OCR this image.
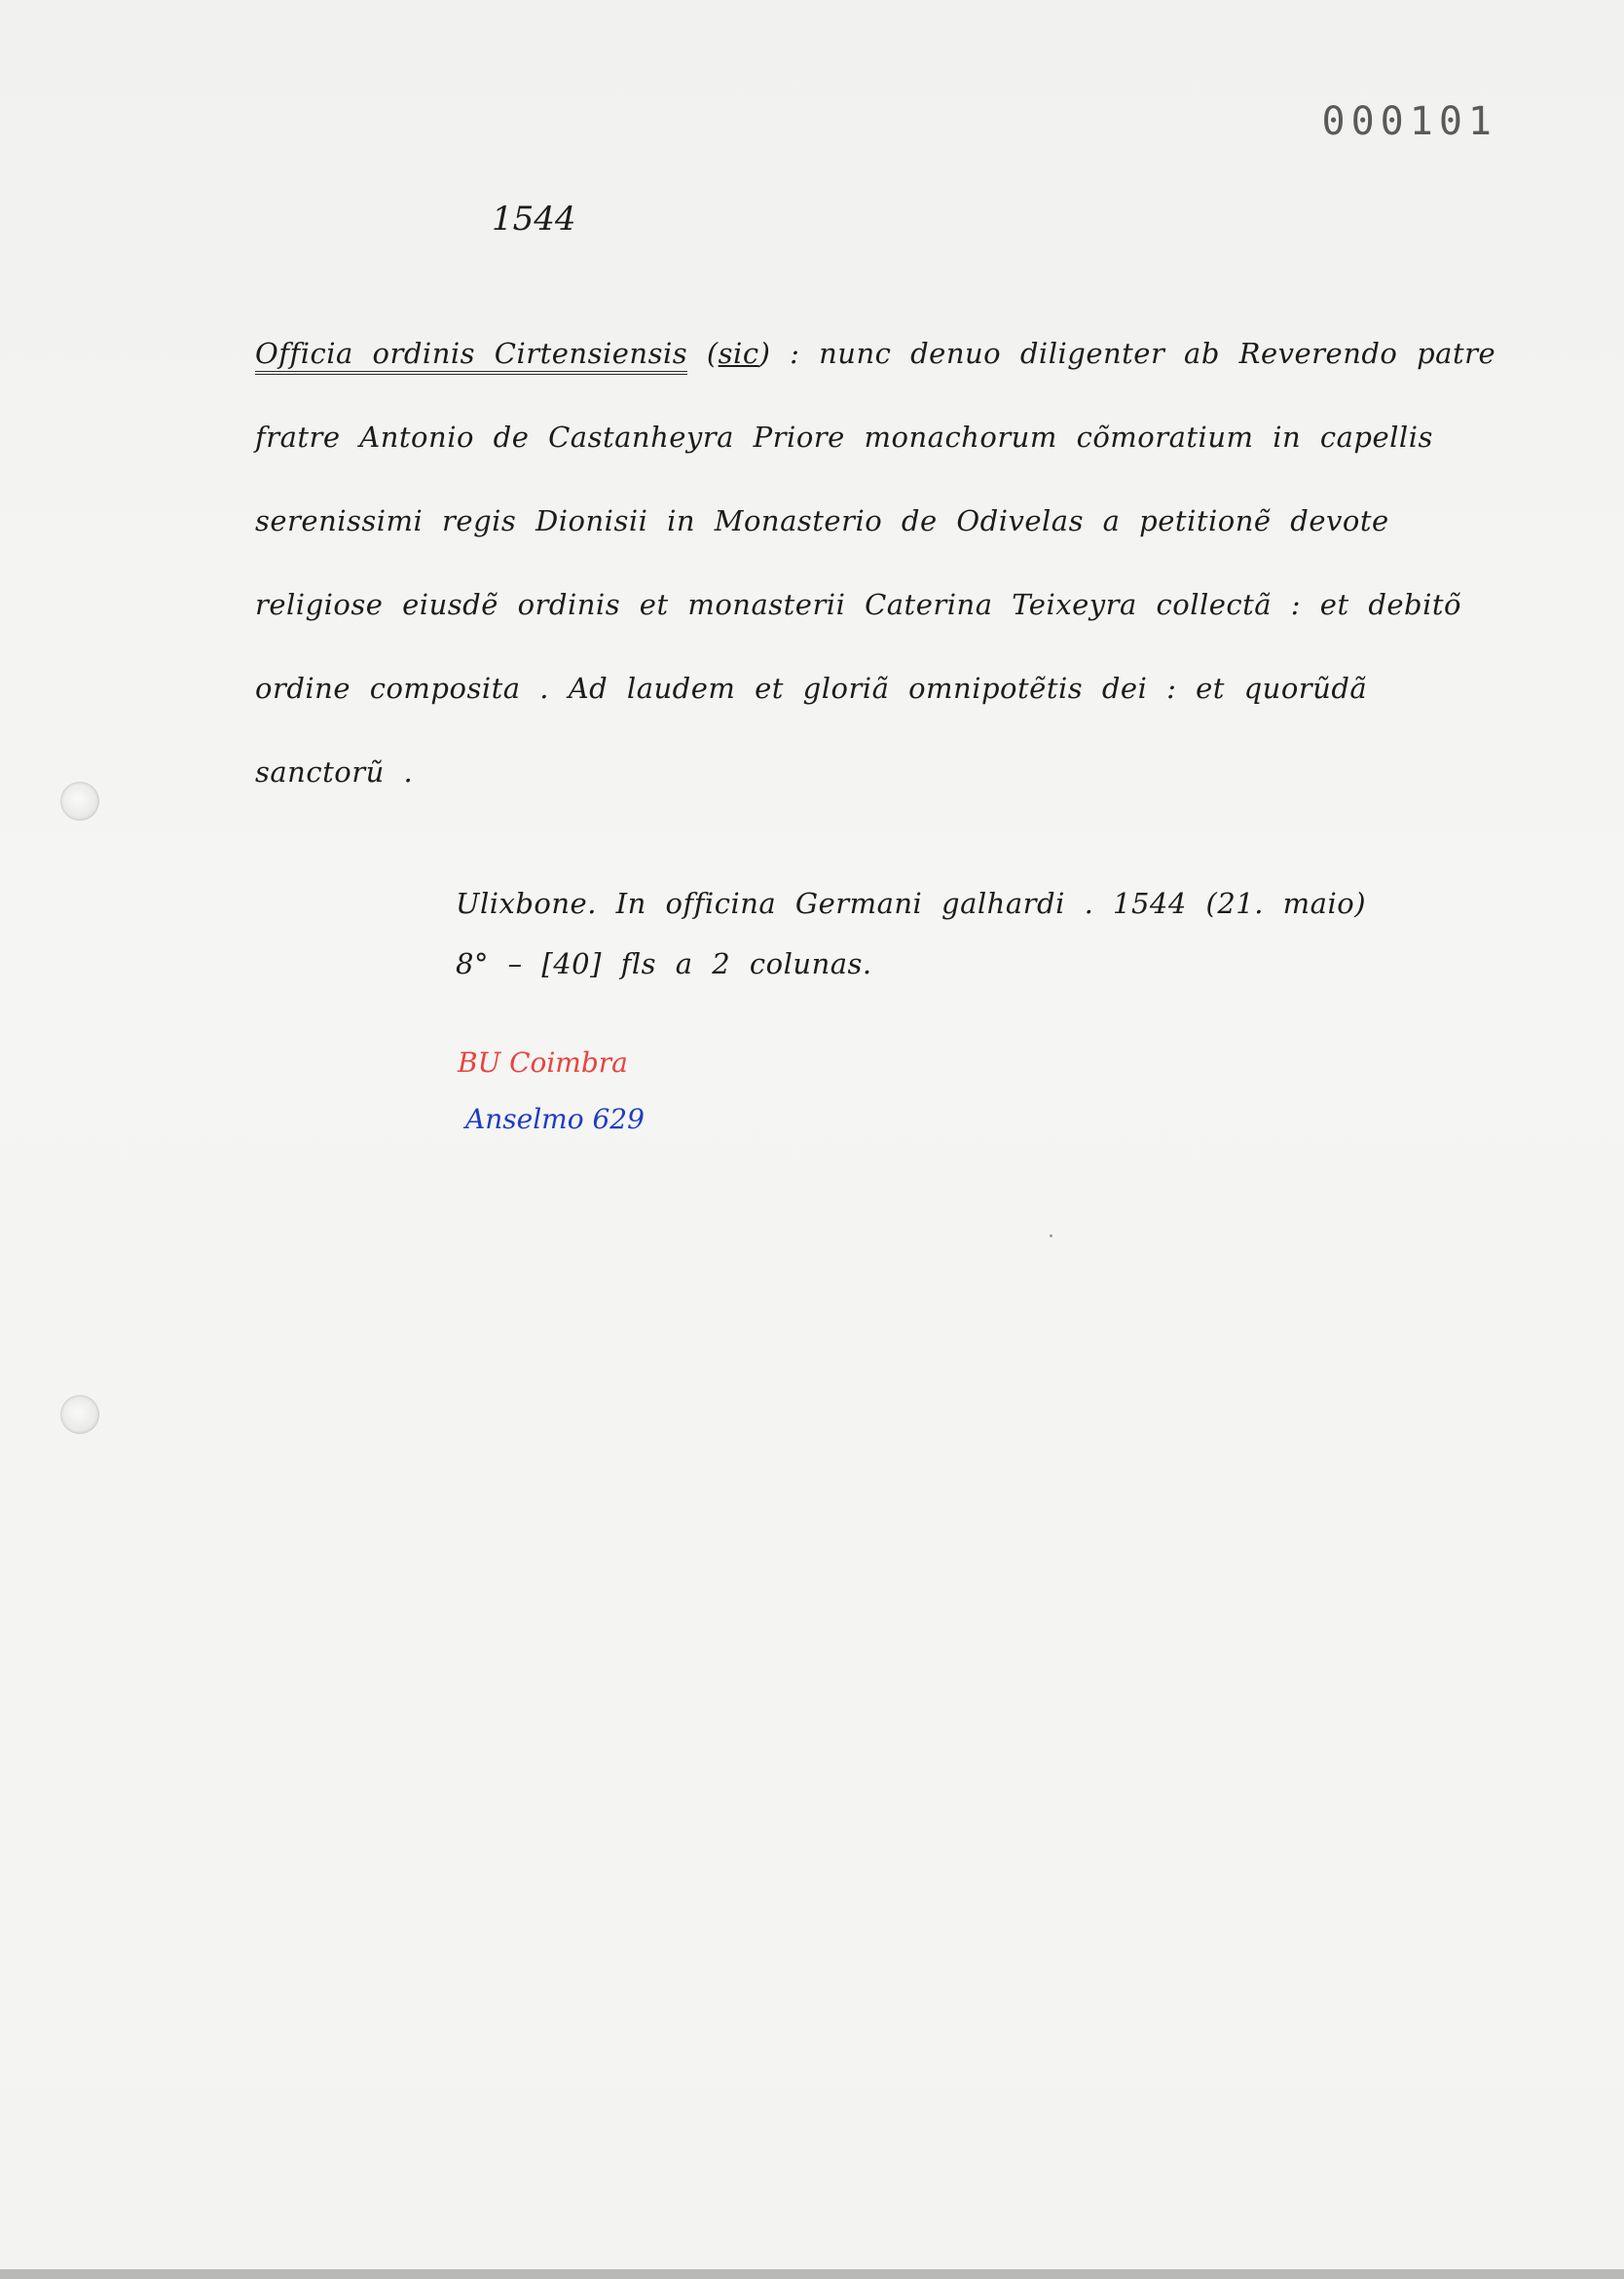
000101
1544
Officia ordinis Cirtensiensis (sic) : nunc denuo diligenter ab Reverendo patre
fratre Antonio de Castanheyra Priore monachorum cõmoratium in capellis
serenissimi regis Dionisii in Monasterio de Odivelas a petitionẽ devote
religiose eiusdẽ ordinis et monasterii Caterina Teixeyra collectã : et debitõ
ordine composita . Ad laudem et gloriã omnipotẽtis dei : et quorũdã
sanctorũ .
Ulixbone. In officina Germani galhardi . 1544 (21. maio)
8° – [40] fls a 2 colunas.
BU Coimbra
Anselmo 629
